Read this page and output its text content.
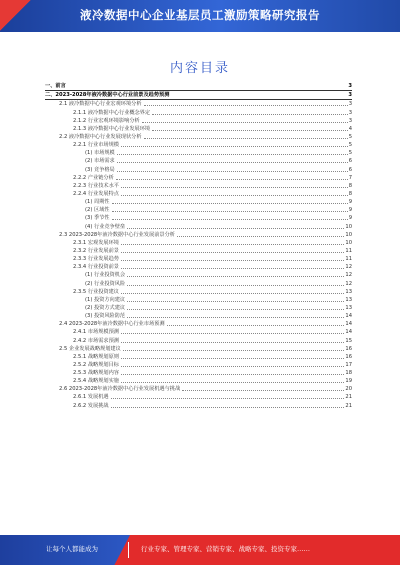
液冷数据中心企业基层员工激励策略研究报告
内容目录
一、前言	3
二、2023-2028年液冷数据中心行业前景及趋势预测	3
2.1 液冷数据中心行业宏观环境分析	3
2.1.1 液冷数据中心行业概念界定	3
2.1.2 行业宏观环境影响分析	3
2.1.3 液冷数据中心行业发展环境	4
2.2 液冷数据中心行业发展现状分析	5
2.2.1 行业市场规模	5
(1) 市场规模	5
(2) 市场需求	6
(3) 竞争格局	6
2.2.2 产业链分析	7
2.2.3 行业技术水平	8
2.2.4 行业发展特点	8
(1) 周期性	9
(2) 区域性	9
(3) 季节性	9
(4) 行业竞争壁垒	10
2.3 2023-2028年液冷数据中心行业发展前景分析	10
2.3.1 宏观发展环境	10
2.3.2 行业发展前景	11
2.3.3 行业发展趋势	11
2.3.4 行业投资前景	12
(1) 行业投资机会	12
(2) 行业投资风险	12
2.3.5 行业投资建议	13
(1) 投资方向建议	13
(2) 投资方式建议	13
(3) 投资风险防范	14
2.4 2023-2028年液冷数据中心行业市场预测	14
2.4.1 市场规模预测	14
2.4.2 市场需求预测	15
2.5 企业发展战略规划建议	16
2.5.1 战略规划原则	16
2.5.2 战略规划目标	17
2.5.3 战略规划内容	18
2.5.4 战略规划实施	19
2.6 2023-2028年液冷数据中心行业发展机遇与挑战	20
2.6.1 发展机遇	21
2.6.2 发展挑战	21
让每个人都能成为	行业专家、管理专家、营销专家、战略专家、投资专家……
